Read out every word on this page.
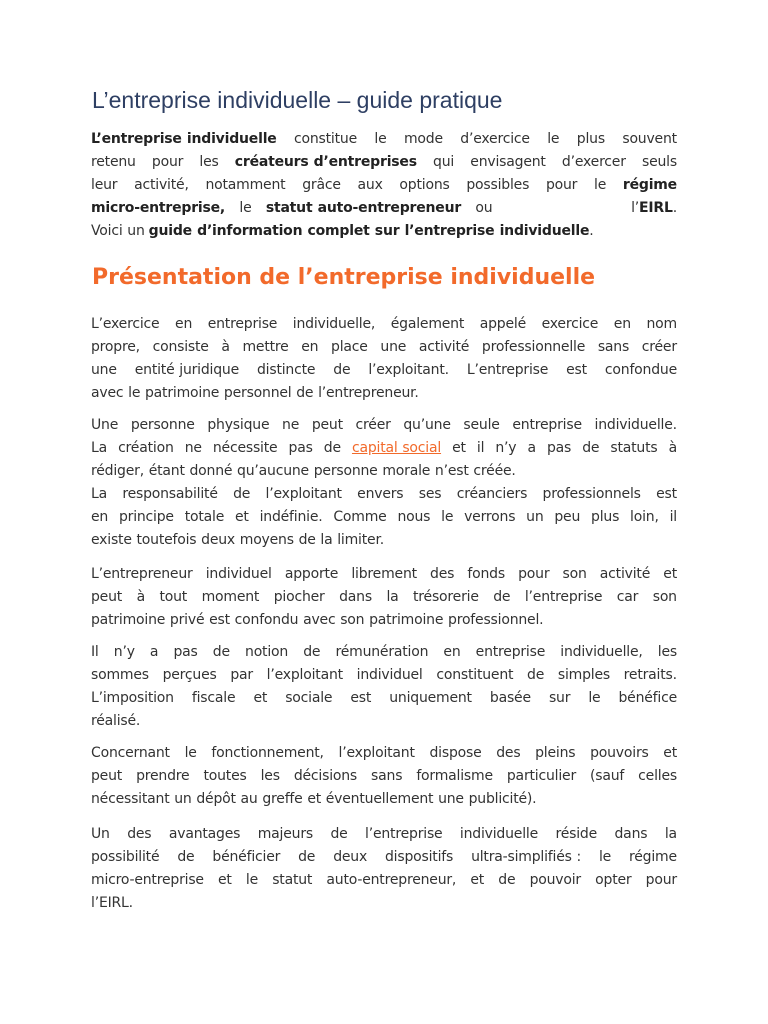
L’entreprise individuelle – guide pratique
L’entreprise individuelle constitue le mode d’exercice le plus souvent
retenu pour les créateurs d’entreprises qui envisagent d’exercer seuls
leur activité, notamment grâce aux options possibles pour le régime
micro-entreprise, le statut auto-entrepreneur ou	l’EIRL.
Voici un guide d’information complet sur l’entreprise individuelle .
Présentation de l’entreprise individuelle
L’exercice en entreprise individuelle, également appelé exercice en nom
propre, consiste à mettre en place une activité professionnelle sans créer
une entité juridique distincte de l’exploitant. L’entreprise est confondue
avec le patrimoine personnel de l’entrepreneur.
Une personne physique ne peut créer qu’une seule entreprise individuelle.
La création ne nécessite pas de capital social et il n’y a pas de statuts à
rédiger, étant donné qu’aucune personne morale n’est créée.
La responsabilité de l’exploitant envers ses créanciers professionnels est
en principe totale et indéfinie. Comme nous le verrons un peu plus loin, il
existe toutefois deux moyens de la limiter.
L’entrepreneur individuel apporte librement des fonds pour son activité et
peut à tout moment piocher dans la trésorerie de l’entreprise car son
patrimoine privé est confondu avec son patrimoine professionnel.
Il n’y a pas de notion de rémunération en entreprise individuelle, les
sommes perçues par l’exploitant individuel constituent de simples retraits.
L’imposition fiscale et sociale est uniquement basée sur le bénéfice
réalisé.
Concernant le fonctionnement, l’exploitant dispose des pleins pouvoirs et
peut prendre toutes les décisions sans formalisme particulier (sauf celles
nécessitant un dépôt au greffe et éventuellement une publicité).
Un des avantages majeurs de l’entreprise individuelle réside dans la
possibilité de bénéficier de deux dispositifs ultra-simplifiés : le régime
micro-entreprise et le statut auto-entrepreneur, et de pouvoir opter pour
l’EIRL.
